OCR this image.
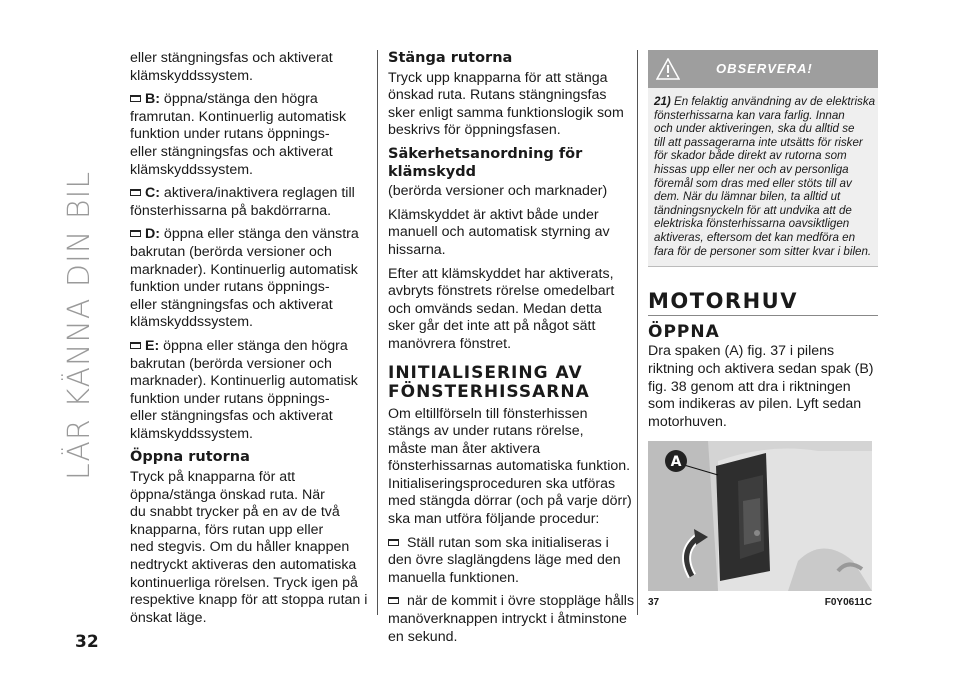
LÄR KÄNNA DIN BIL
32
eller stängningsfas och aktiverat
klämskyddssystem.
B: öppna/stänga den högra
framrutan. Kontinuerlig automatisk
funktion under rutans öppnings-
eller stängningsfas och aktiverat
klämskyddssystem.
C: aktivera/inaktivera reglagen till
fönsterhissarna på bakdörrarna.
D: öppna eller stänga den vänstra
bakrutan (berörda versioner och
marknader). Kontinuerlig automatisk
funktion under rutans öppnings-
eller stängningsfas och aktiverat
klämskyddssystem.
E: öppna eller stänga den högra
bakrutan (berörda versioner och
marknader). Kontinuerlig automatisk
funktion under rutans öppnings-
eller stängningsfas och aktiverat
klämskyddssystem.
Öppna rutorna
Tryck på knapparna för att
öppna/stänga önskad ruta. När
du snabbt trycker på en av de två
knapparna, förs rutan upp eller
ned stegvis. Om du håller knappen
nedtryckt aktiveras den automatiska
kontinuerliga rörelsen. Tryck igen på
respektive knapp för att stoppa rutan i
önskat läge.
Stänga rutorna
Tryck upp knapparna för att stänga
önskad ruta. Rutans stängningsfas
sker enligt samma funktionslogik som
beskrivs för öppningsfasen.
Säkerhetsanordning för klämskydd
(berörda versioner och marknader)
Klämskyddet är aktivt både under
manuell och automatisk styrning av
hissarna.
Efter att klämskyddet har aktiverats,
avbryts fönstrets rörelse omedelbart
och omvänds sedan. Medan detta
sker går det inte att på något sätt
manövrera fönstret.
INITIALISERING AV
FÖNSTERHISSARNA
Om eltillförseln till fönsterhissen
stängs av under rutans rörelse,
måste man åter aktivera
fönsterhissarnas automatiska funktion.
Initialiseringsproceduren ska utföras
med stängda dörrar (och på varje dörr)
ska man utföra följande procedur:
Ställ rutan som ska initialiseras i
den övre slaglängdens läge med den
manuella funktionen.
när de kommit i övre stoppläge hålls
manöverknappen intryckt i åtminstone
en sekund.
OBSERVERA!
21) En felaktig användning av de elektriska
fönsterhissarna kan vara farlig. Innan
och under aktiveringen, ska du alltid se
till att passagerarna inte utsätts för risker
för skador både direkt av rutorna som
hissas upp eller ner och av personliga
föremål som dras med eller stöts till av
dem. När du lämnar bilen, ta alltid ut
tändningsnyckeln för att undvika att de
elektriska fönsterhissarna oavsiktligen
aktiveras, eftersom det kan medföra en
fara för de personer som sitter kvar i bilen.
MOTORHUV
ÖPPNA
Dra spaken (A) fig. 37 i pilens
riktning och aktivera sedan spak (B)
fig. 38 genom att dra i riktningen
som indikeras av pilen. Lyft sedan
motorhuven.
A
37	F0Y0611C
